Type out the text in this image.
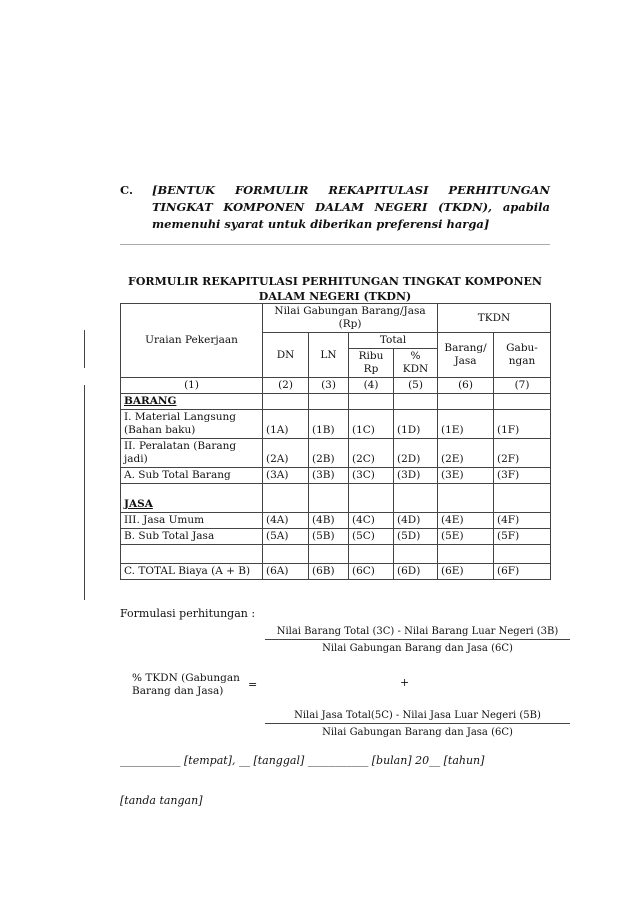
C. [BENTUK FORMULIR REKAPITULASI PERHITUNGAN TINGKAT KOMPONEN DALAM NEGERI (TKDN), apabila memenuhi syarat untuk diberikan preferensi harga]
FORMULIR REKAPITULASI PERHITUNGAN TINGKAT KOMPONEN DALAM NEGERI (TKDN)
Uraian Pekerjaan	Nilai Gabungan Barang/Jasa (Rp)				TKDN	
	DN	LN	Total		Barang/ Jasa	Gabu-ngan
			Ribu Rp	% KDN		
(1)	(2)	(3)	(4)	(5)	(6)	(7)
BARANG						

I. Material Langsung
(Bahan baku)	(1A)	(1B)	(1C)	(1D)	(1E)	(1F)

II. Peralatan (Barang
jadi)	(2A)	(2B)	(2C)	(2D)	(2E)	(2F)
A. Sub Total Barang	(3A)	(3B)	(3C)	(3D)	(3E)	(3F)
JASA						
III. Jasa Umum	(4A)	(4B)	(4C)	(4D)	(4E)	(4F)
B. Sub Total Jasa	(5A)	(5B)	(5C)	(5D)	(5E)	(5F)

C. TOTAL Biaya (A + B)	(6A)	(6B)	(6C)	(6D)	(6E)	(6F)
Formulasi perhitungan :
Nilai Barang Total (3C) - Nilai Barang Luar Negeri (3B)
Nilai Gabungan Barang dan Jasa (6C)
% TKDN (Gabungan Barang dan Jasa)	=	+
Nilai Jasa Total(5C) - Nilai Jasa Luar Negeri (5B)
Nilai Gabungan Barang dan Jasa (6C)
___________ [tempat], __ [tanggal] ___________ [bulan] 20__ [tahun]
[tanda tangan]
